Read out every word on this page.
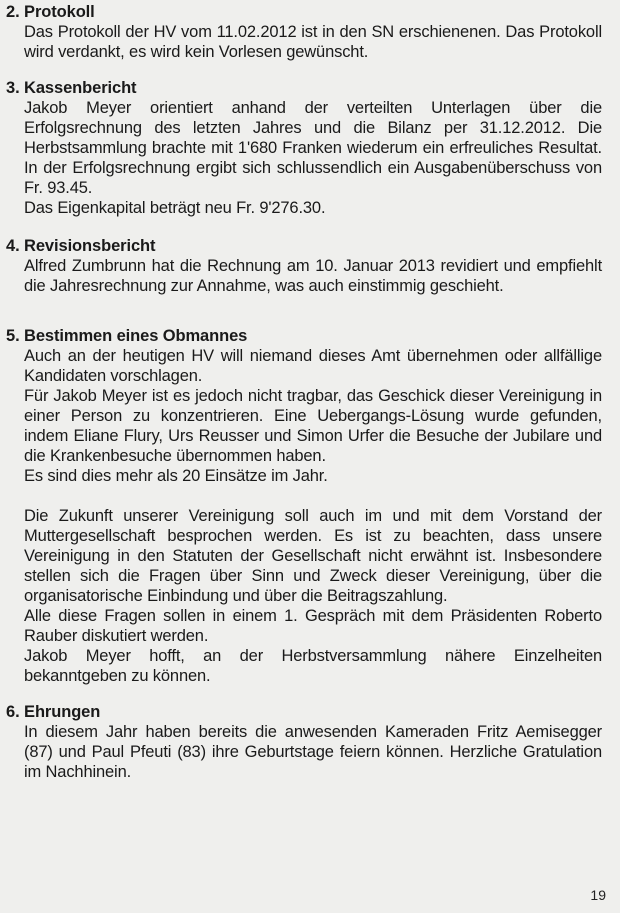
2. Protokoll

Das Protokoll der HV vom 11.02.2012 ist in den SN erschienenen. Das Protokoll wird verdankt, es wird kein Vorlesen gewünscht.

3. Kassenbericht

Jakob Meyer orientiert anhand der verteilten Unterlagen über die Erfolgsrechnung des letzten Jahres und die Bilanz per 31.12.2012. Die Herbstsammlung brachte mit 1'680 Franken wiederum ein erfreuliches Resultat. In der Erfolgsrechnung ergibt sich schlussendlich ein Ausgabenüberschuss von Fr. 93.45.

Das Eigenkapital beträgt neu Fr. 9'276.30.

4. Revisionsbericht

Alfred Zumbrunn hat die Rechnung am 10. Januar 2013 revidiert und empfiehlt die Jahresrechnung zur Annahme, was auch einstimmig geschieht.

5. Bestimmen eines Obmannes

Auch an der heutigen HV will niemand dieses Amt übernehmen oder allfällige Kandidaten vorschlagen.

Für Jakob Meyer ist es jedoch nicht tragbar, das Geschick dieser Vereinigung in einer Person zu konzentrieren. Eine Uebergangs-Lösung wurde gefunden, indem Eliane Flury, Urs Reusser und Simon Urfer die Besuche der Jubilare und die Krankenbesuche übernommen haben.

Es sind dies mehr als 20 Einsätze im Jahr.

Die Zukunft unserer Vereinigung soll auch im und mit dem Vorstand der Muttergesellschaft besprochen werden. Es ist zu beachten, dass unsere Vereinigung in den Statuten der Gesellschaft nicht erwähnt ist. Insbesondere stellen sich die Fragen über Sinn und Zweck dieser Vereinigung, über die organisatorische Einbindung und über die Beitragszahlung.

Alle diese Fragen sollen in einem 1. Gespräch mit dem Präsidenten Roberto Rauber diskutiert werden.

Jakob Meyer hofft, an der Herbstversammlung nähere Einzelheiten bekanntgeben zu können.

6. Ehrungen

In diesem Jahr haben bereits die anwesenden Kameraden Fritz Aemisegger (87) und Paul Pfeuti (83) ihre Geburtstage feiern können. Herzliche Gratulation im Nachhinein.

19
